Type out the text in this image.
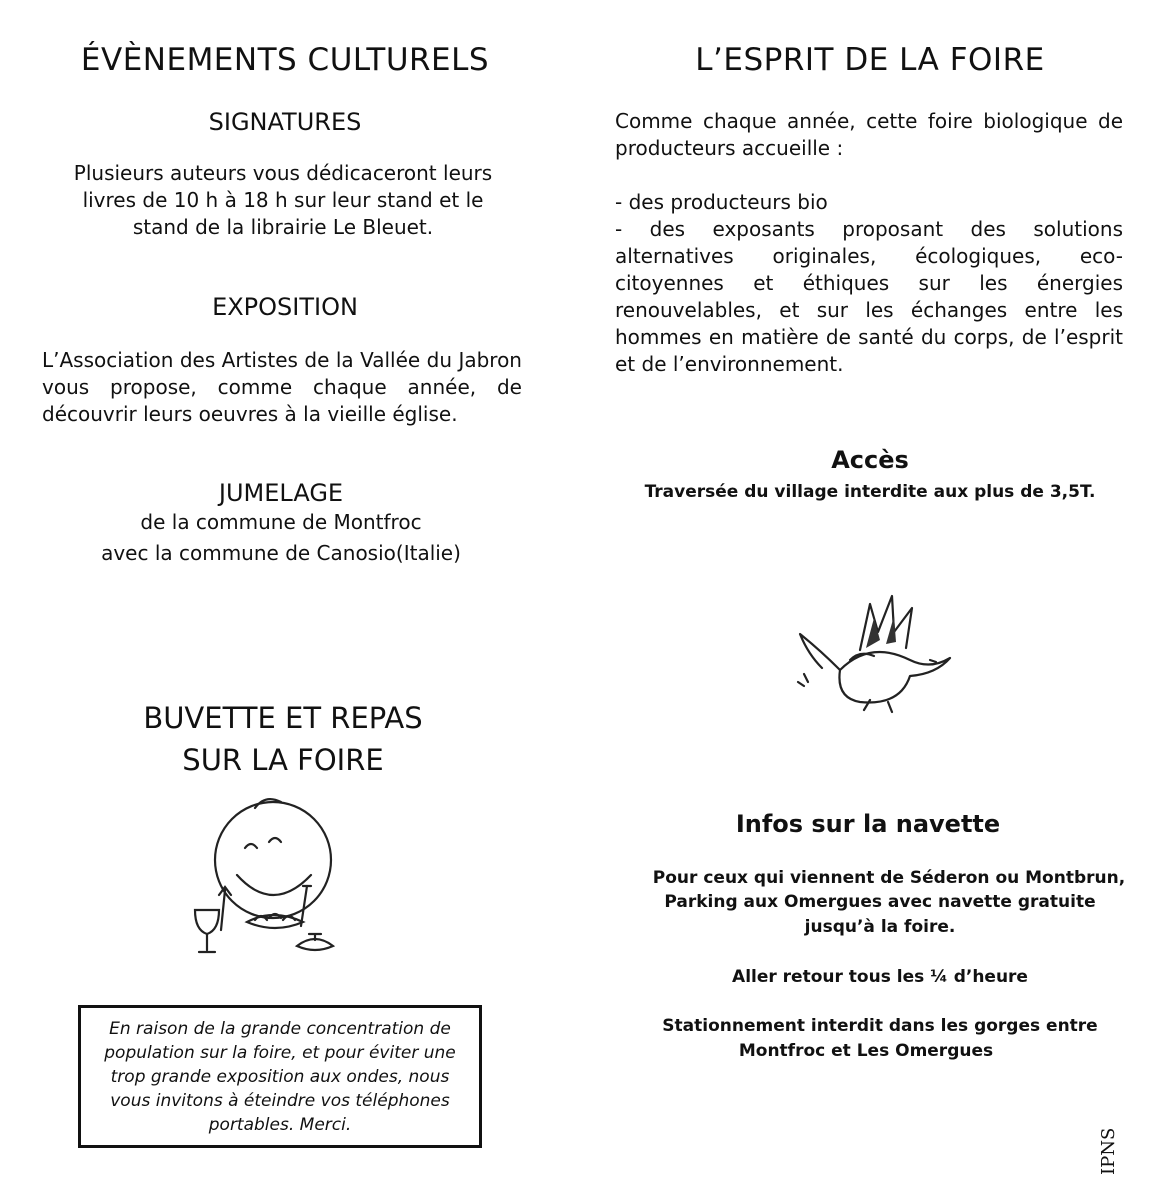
ÉVÈNEMENTS CULTURELS
SIGNATURES

Plusieurs auteurs vous dédicaceront leurs livres de 10 h à 18 h sur leur stand et le stand de la librairie Le Bleuet.

EXPOSITION

L’Association des Artistes de la Vallée du Jabron vous propose, comme chaque année, de découvrir leurs oeuvres à la vieille église.

JUMELAGE

de la commune de Montfroc

avec la commune de Canosio(Italie)

BUVETTE ET REPAS
SUR LA FOIRE

En raison de la grande concentration de population sur la foire, et pour éviter une trop grande exposition aux ondes, nous vous invitons à éteindre vos téléphones portables. Merci.

L’ESPRIT DE LA FOIRE

Comme chaque année, cette foire biologique de producteurs accueille :

- des producteurs bio
- des exposants proposant des solutions alternatives originales, écologiques, eco-citoyennes et éthiques sur les énergies renouvelables, et sur les échanges entre les hommes en matière de santé du corps, de l’esprit et de l’environnement.
Accès

Traversée du village interdite aux plus de 3,5T.

Infos sur la navette

Pour ceux qui viennent de Séderon ou Montbrun,

Parking aux Omergues avec navette gratuite

jusqu’à la foire.

Aller retour tous les ¼ d’heure

Stationnement interdit dans les gorges entre

Montfroc et Les Omergues

IPNS
